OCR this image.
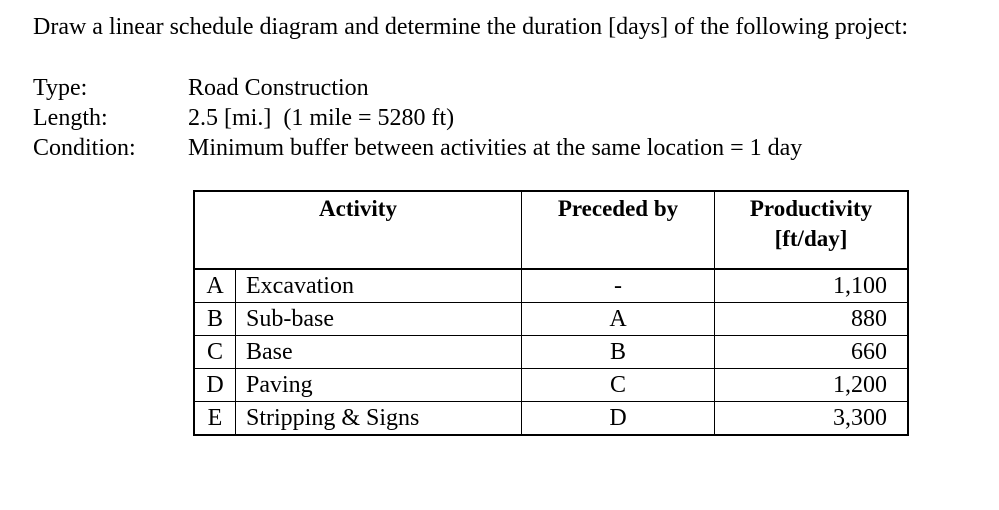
Draw a linear schedule diagram and determine the duration [days] of the following project:
Type:	Road Construction
Length:	2.5 [mi.]  (1 mile = 5280 ft)
Condition: Minimum buffer between activities at the same location = 1 day
Activity		Preceded by	Productivity
[ft/day]

A	Excavation	-	1,100
B	Sub-base	A	880
C	Base	B	660
D	Paving	C	1,200
E	Stripping & Signs	D	3,300
